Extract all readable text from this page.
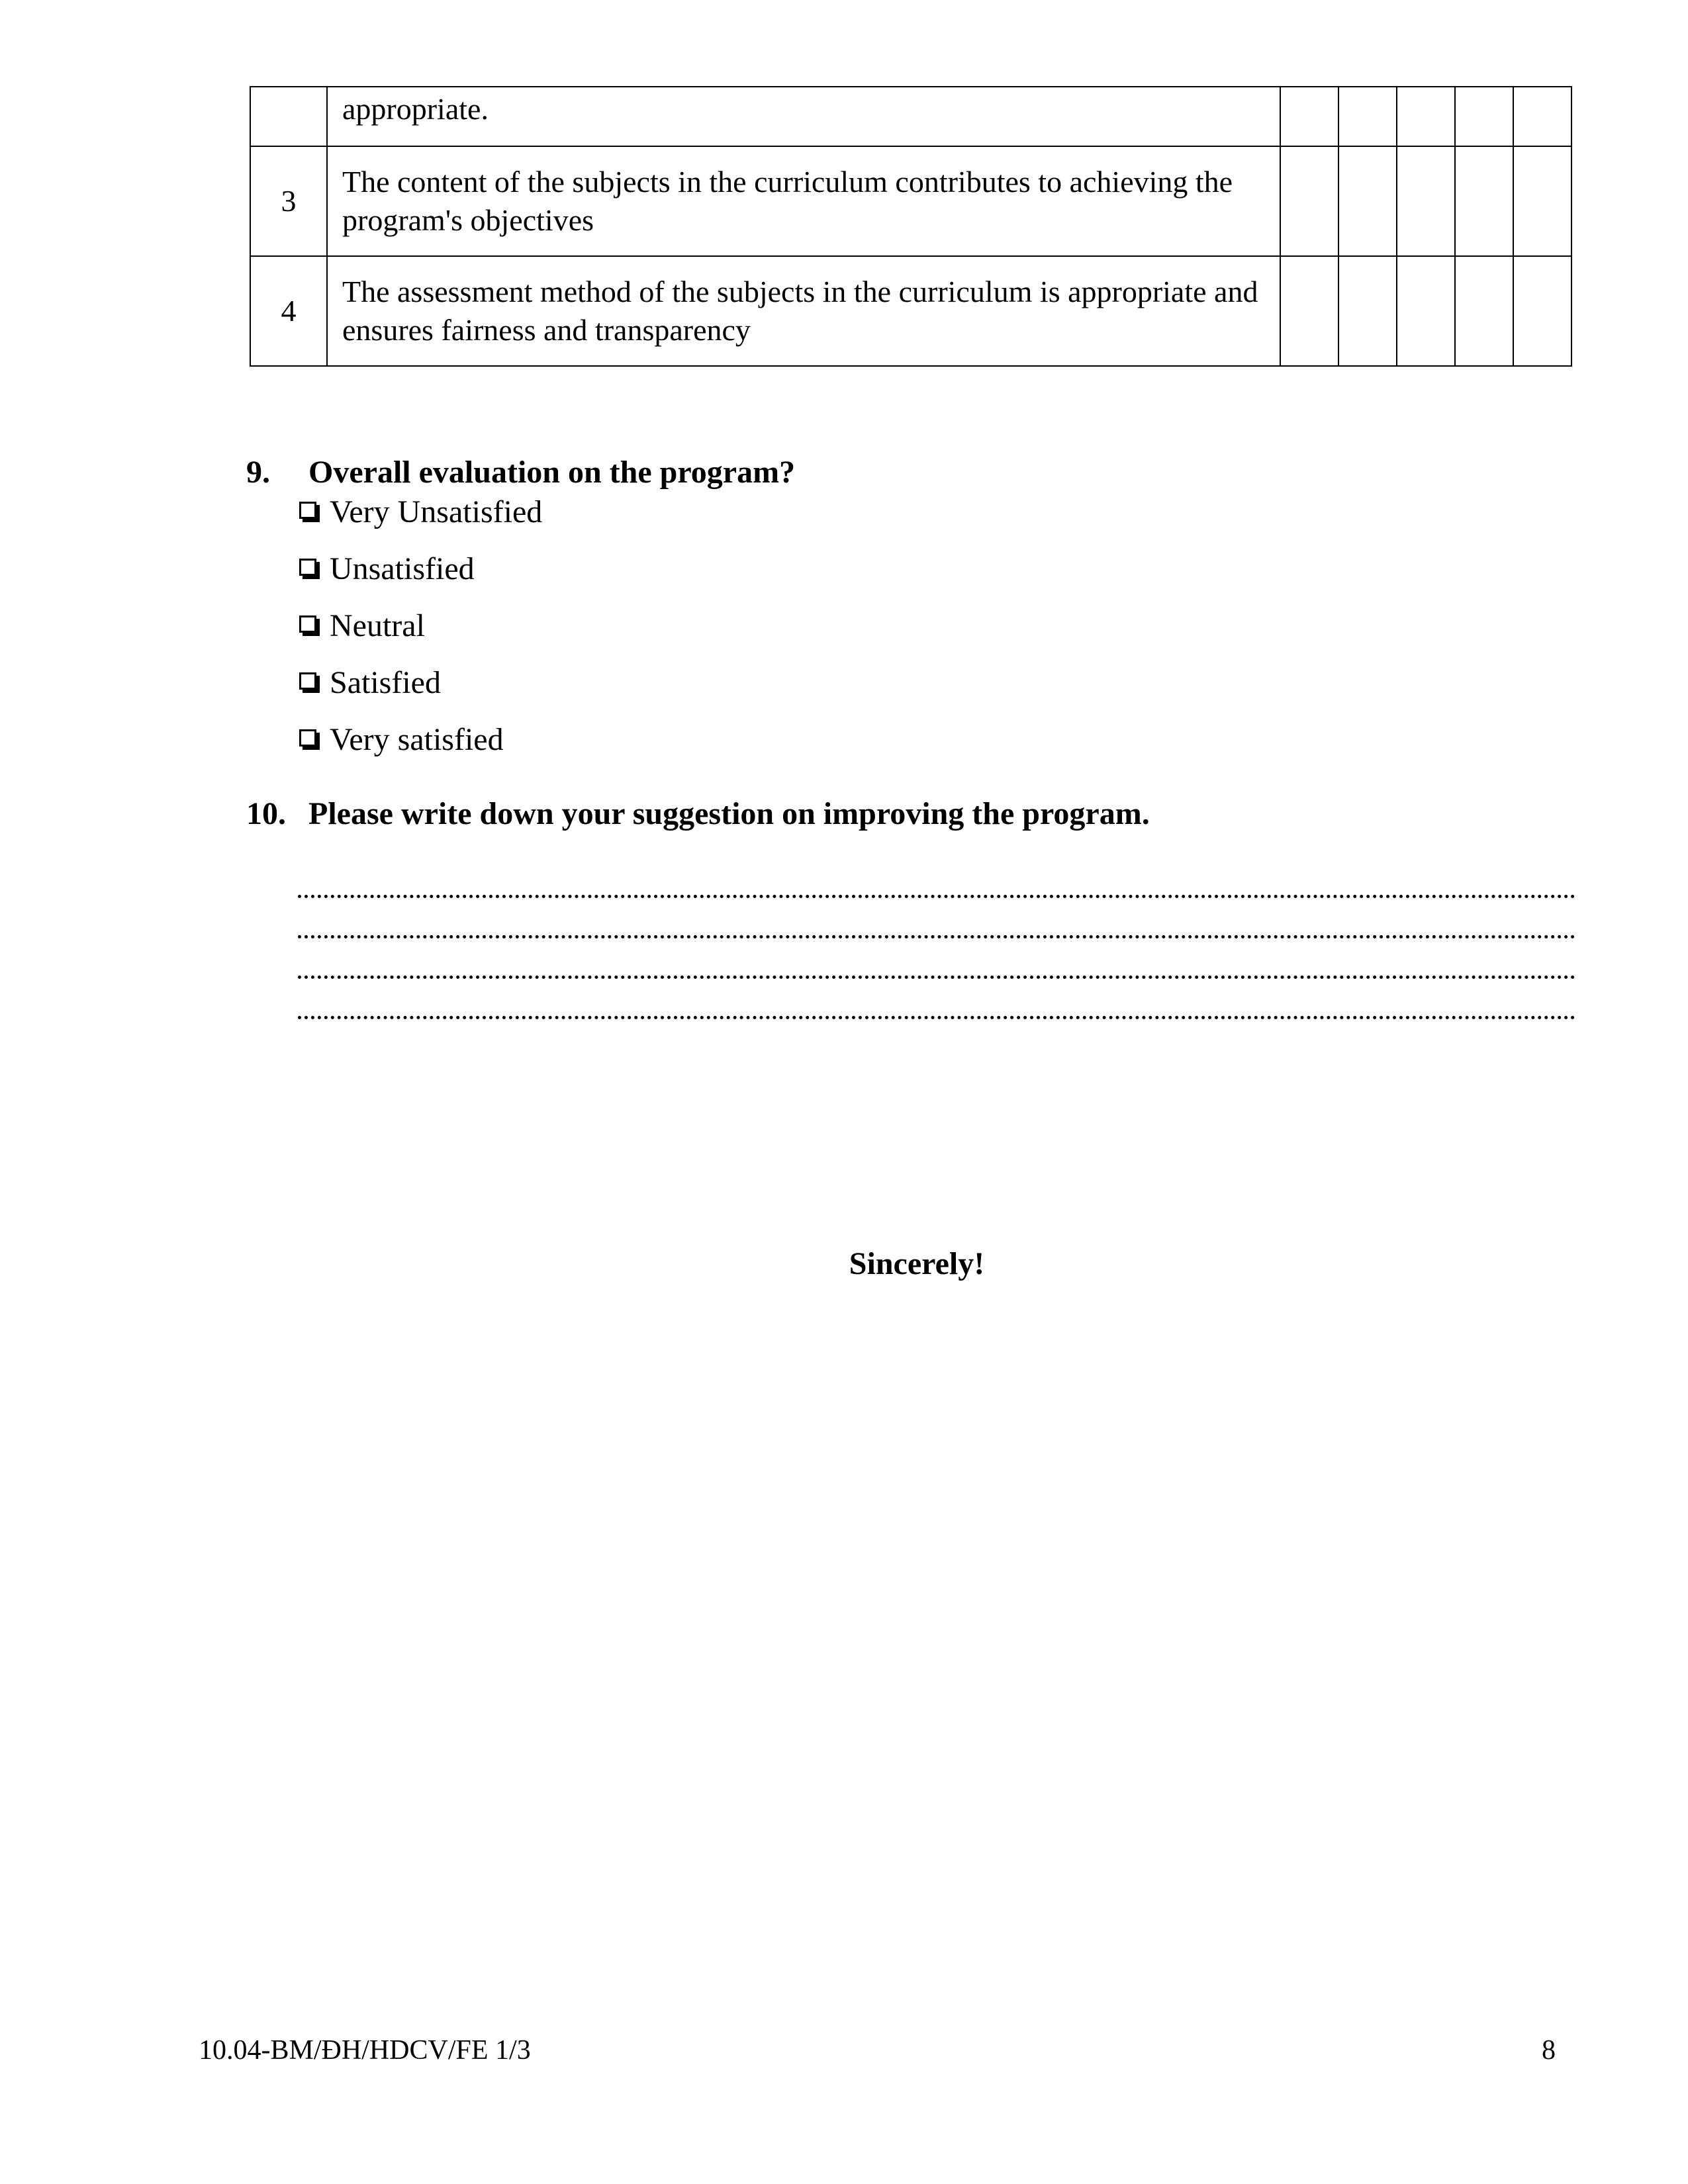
	appropriate.					
3	The content of the subjects in the curriculum contributes to achieving the program's objectives					
4	The assessment method of the subjects in the curriculum is appropriate and ensures fairness and transparency					
9. Overall evaluation on the program?
Very Unsatisfied
Unsatisfied
Neutral
Satisfied
Very satisfied
10. Please write down your suggestion on improving the program.
Sincerely!
10.04-BM/ĐH/HDCV/FE 1/3	8
